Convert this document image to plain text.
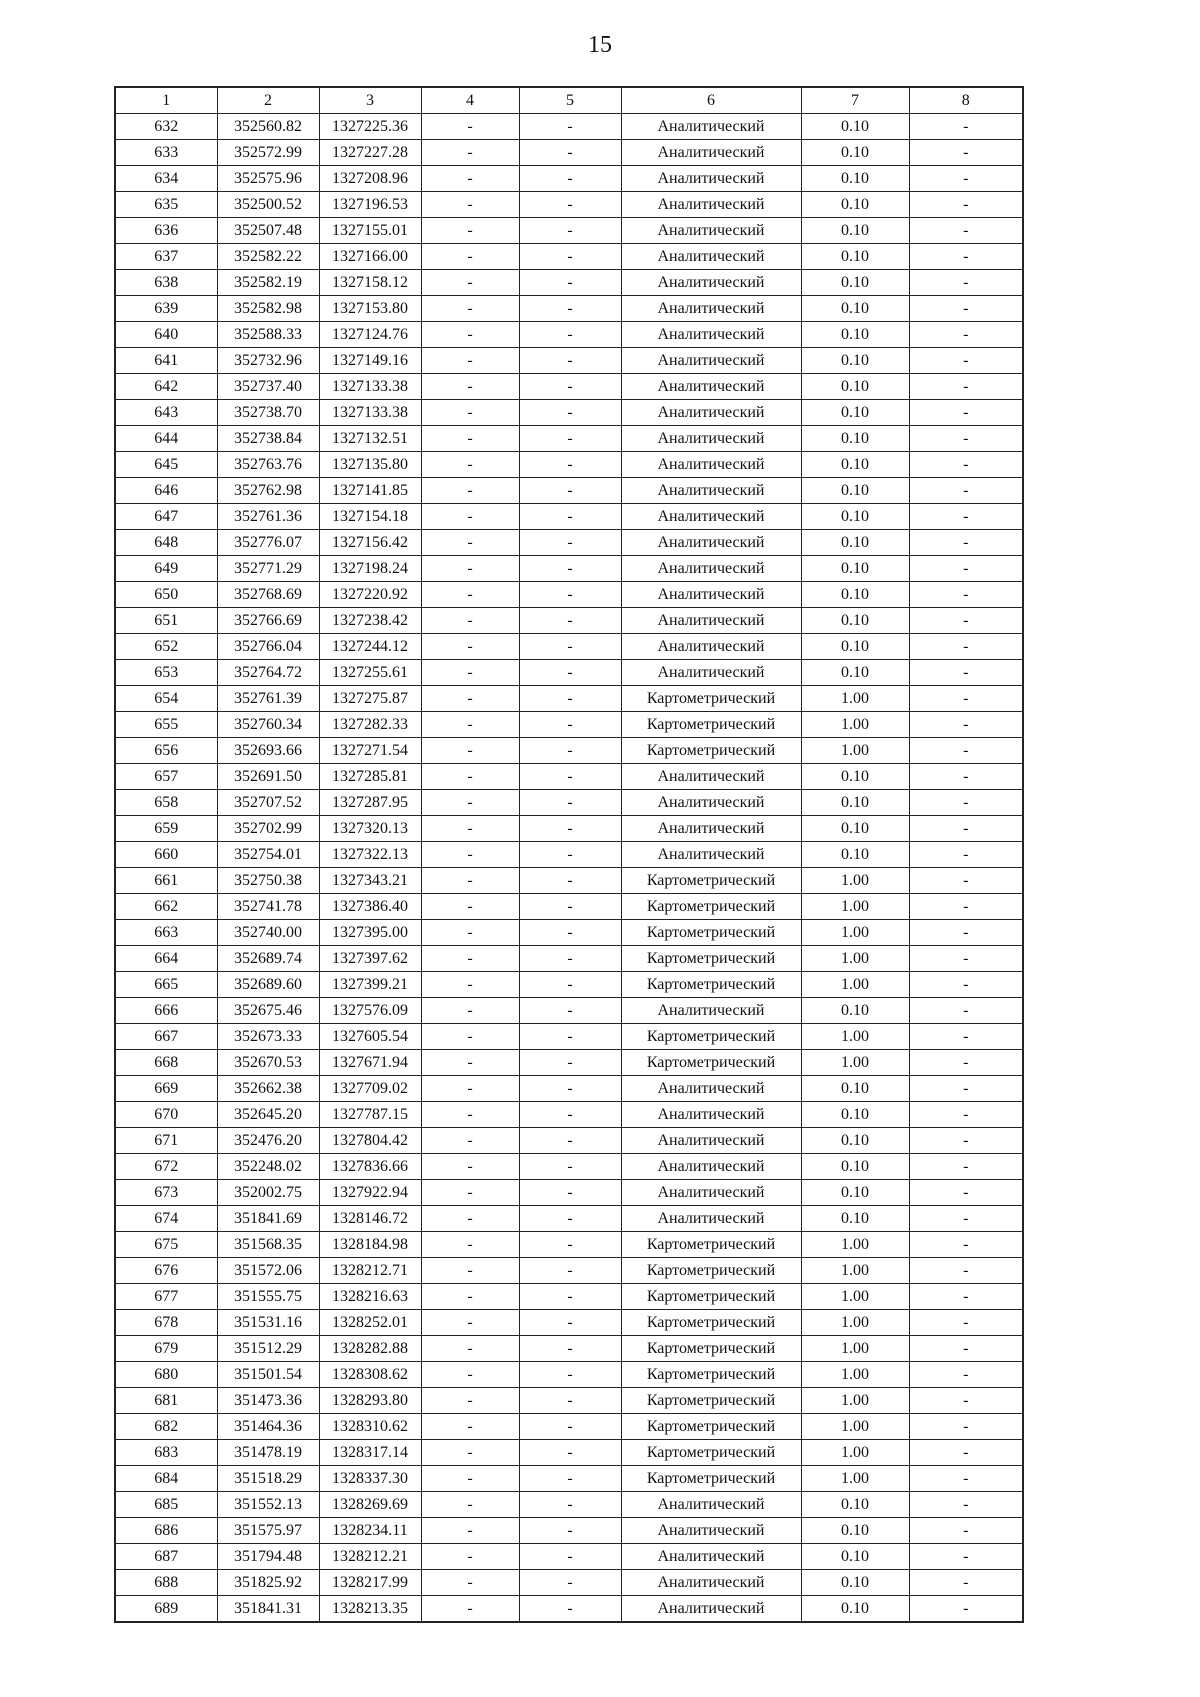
15
1	2	3	4	5	6	7	8
632	352560.82	1327225.36	-	-	Аналитический	0.10	-
633	352572.99	1327227.28	-	-	Аналитический	0.10	-
634	352575.96	1327208.96	-	-	Аналитический	0.10	-
635	352500.52	1327196.53	-	-	Аналитический	0.10	-
636	352507.48	1327155.01	-	-	Аналитический	0.10	-
637	352582.22	1327166.00	-	-	Аналитический	0.10	-
638	352582.19	1327158.12	-	-	Аналитический	0.10	-
639	352582.98	1327153.80	-	-	Аналитический	0.10	-
640	352588.33	1327124.76	-	-	Аналитический	0.10	-
641	352732.96	1327149.16	-	-	Аналитический	0.10	-
642	352737.40	1327133.38	-	-	Аналитический	0.10	-
643	352738.70	1327133.38	-	-	Аналитический	0.10	-
644	352738.84	1327132.51	-	-	Аналитический	0.10	-
645	352763.76	1327135.80	-	-	Аналитический	0.10	-
646	352762.98	1327141.85	-	-	Аналитический	0.10	-
647	352761.36	1327154.18	-	-	Аналитический	0.10	-
648	352776.07	1327156.42	-	-	Аналитический	0.10	-
649	352771.29	1327198.24	-	-	Аналитический	0.10	-
650	352768.69	1327220.92	-	-	Аналитический	0.10	-
651	352766.69	1327238.42	-	-	Аналитический	0.10	-
652	352766.04	1327244.12	-	-	Аналитический	0.10	-
653	352764.72	1327255.61	-	-	Аналитический	0.10	-
654	352761.39	1327275.87	-	-	Картометрический	1.00	-
655	352760.34	1327282.33	-	-	Картометрический	1.00	-
656	352693.66	1327271.54	-	-	Картометрический	1.00	-
657	352691.50	1327285.81	-	-	Аналитический	0.10	-
658	352707.52	1327287.95	-	-	Аналитический	0.10	-
659	352702.99	1327320.13	-	-	Аналитический	0.10	-
660	352754.01	1327322.13	-	-	Аналитический	0.10	-
661	352750.38	1327343.21	-	-	Картометрический	1.00	-
662	352741.78	1327386.40	-	-	Картометрический	1.00	-
663	352740.00	1327395.00	-	-	Картометрический	1.00	-
664	352689.74	1327397.62	-	-	Картометрический	1.00	-
665	352689.60	1327399.21	-	-	Картометрический	1.00	-
666	352675.46	1327576.09	-	-	Аналитический	0.10	-
667	352673.33	1327605.54	-	-	Картометрический	1.00	-
668	352670.53	1327671.94	-	-	Картометрический	1.00	-
669	352662.38	1327709.02	-	-	Аналитический	0.10	-
670	352645.20	1327787.15	-	-	Аналитический	0.10	-
671	352476.20	1327804.42	-	-	Аналитический	0.10	-
672	352248.02	1327836.66	-	-	Аналитический	0.10	-
673	352002.75	1327922.94	-	-	Аналитический	0.10	-
674	351841.69	1328146.72	-	-	Аналитический	0.10	-
675	351568.35	1328184.98	-	-	Картометрический	1.00	-
676	351572.06	1328212.71	-	-	Картометрический	1.00	-
677	351555.75	1328216.63	-	-	Картометрический	1.00	-
678	351531.16	1328252.01	-	-	Картометрический	1.00	-
679	351512.29	1328282.88	-	-	Картометрический	1.00	-
680	351501.54	1328308.62	-	-	Картометрический	1.00	-
681	351473.36	1328293.80	-	-	Картометрический	1.00	-
682	351464.36	1328310.62	-	-	Картометрический	1.00	-
683	351478.19	1328317.14	-	-	Картометрический	1.00	-
684	351518.29	1328337.30	-	-	Картометрический	1.00	-
685	351552.13	1328269.69	-	-	Аналитический	0.10	-
686	351575.97	1328234.11	-	-	Аналитический	0.10	-
687	351794.48	1328212.21	-	-	Аналитический	0.10	-
688	351825.92	1328217.99	-	-	Аналитический	0.10	-
689	351841.31	1328213.35	-	-	Аналитический	0.10	-
